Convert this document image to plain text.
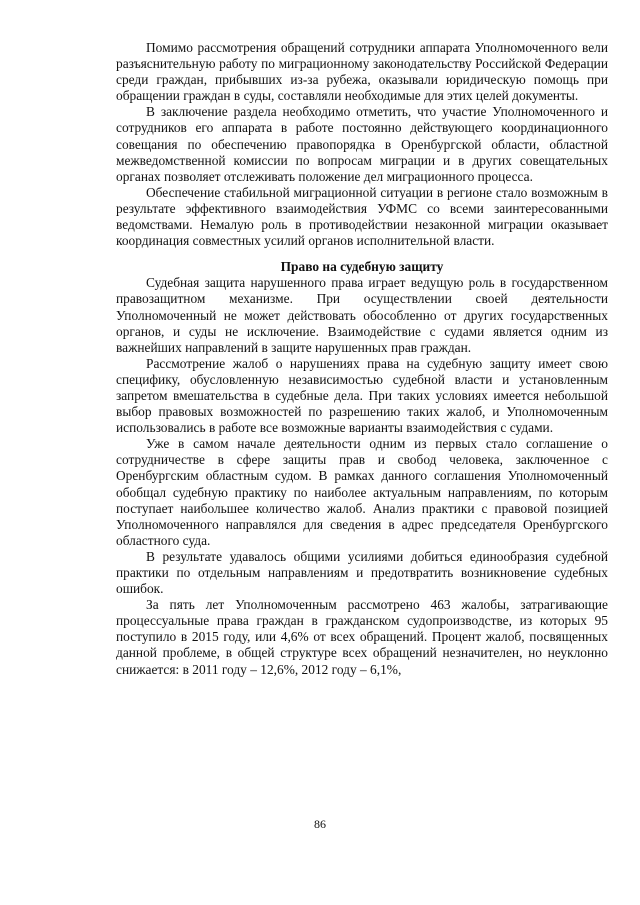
Помимо рассмотрения обращений сотрудники аппарата Уполномоченного вели разъяснительную работу по миграционному законодательству Российской Федерации среди граждан, прибывших из-за рубежа, оказывали юридическую помощь при обращении граждан в суды, составляли необходимые для этих целей документы.

В заключение раздела необходимо отметить, что участие Уполномоченного и сотрудников его аппарата в работе постоянно действующего координационного совещания по обеспечению правопорядка в Оренбургской области, областной межведомственной комиссии по вопросам миграции и в других совещательных органах позволяет отслеживать положение дел миграционного процесса.

Обеспечение стабильной миграционной ситуации в регионе стало возможным в результате эффективного взаимодействия УФМС со всеми заинтересованными ведомствами. Немалую роль в противодействии незаконной миграции оказывает координация совместных усилий органов исполнительной власти.

Право на судебную защиту

Судебная защита нарушенного права играет ведущую роль в государственном правозащитном механизме. При осуществлении своей деятельности Уполномоченный не может действовать обособленно от других государственных органов, и суды не исключение. Взаимодействие с судами является одним из важнейших направлений в защите нарушенных прав граждан.

Рассмотрение жалоб о нарушениях права на судебную защиту имеет свою специфику, обусловленную независимостью судебной власти и установленным запретом вмешательства в судебные дела. При таких условиях имеется небольшой выбор правовых возможностей по разрешению таких жалоб, и Уполномоченным использовались в работе все возможные варианты взаимодействия с судами.

Уже в самом начале деятельности одним из первых стало соглашение о сотрудничестве в сфере защиты прав и свобод человека, заключенное с Оренбургским областным судом. В рамках данного соглашения Уполномоченный обобщал судебную практику по наиболее актуальным направлениям, по которым поступает наибольшее количество жалоб. Анализ практики с правовой позицией Уполномоченного направлялся для сведения в адрес председателя Оренбургского областного суда.

В результате удавалось общими усилиями добиться единообразия судебной практики по отдельным направлениям и предотвратить возникновение судебных ошибок.

За пять лет Уполномоченным рассмотрено 463 жалобы, затрагивающие процессуальные права граждан в гражданском судопроизводстве, из которых 95 поступило в 2015 году, или 4,6% от всех обращений. Процент жалоб, посвященных данной проблеме, в общей структуре всех обращений незначителен, но неуклонно снижается: в 2011 году – 12,6%, 2012 году – 6,1%,

86
